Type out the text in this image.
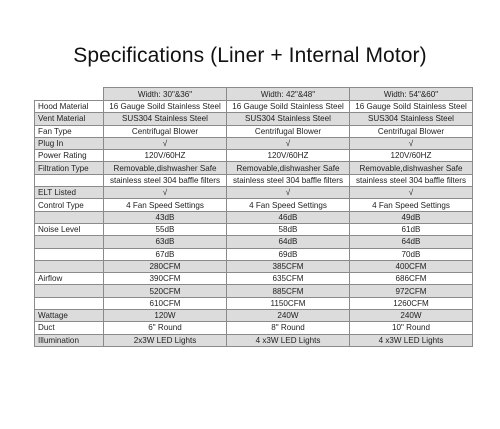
Specifications (Liner + Internal Motor)
	Width: 30"&36"	Width: 42"&48"	Width: 54"&60"
Hood Material	16 Gauge Soild Stainless Steel	16 Gauge Soild Stainless Steel	16 Gauge Soild Stainless Steel
Vent Material	SUS304 Stainless Steel	SUS304 Stainless Steel	SUS304 Stainless Steel
Fan Type	Centrifugal Blower	Centrifugal Blower	Centrifugal Blower
Plug In	√	√	√
Power Rating	120V/60HZ	120V/60HZ	120V/60HZ
Filtration Type	Removable,dishwasher Safe	Removable,dishwasher Safe	Removable,dishwasher Safe
	stainless steel 304 baffle filters	stainless steel 304 baffle filters	stainless steel 304 baffle filters
ELT Listed	√	√	√
Control Type	4 Fan Speed Settings	4 Fan Speed Settings	4 Fan Speed Settings
	43dB	46dB	49dB
Noise Level	55dB	58dB	61dB
	63dB	64dB	64dB
	67dB	69dB	70dB
	280CFM	385CFM	400CFM
Airflow	390CFM	635CFM	686CFM
	520CFM	885CFM	972CFM
	610CFM	1150CFM	1260CFM
Wattage	120W	240W	240W
Duct	6" Round	8" Round	10" Round
Illumination	2x3W LED Lights	4 x3W LED Lights	4 x3W LED Lights
